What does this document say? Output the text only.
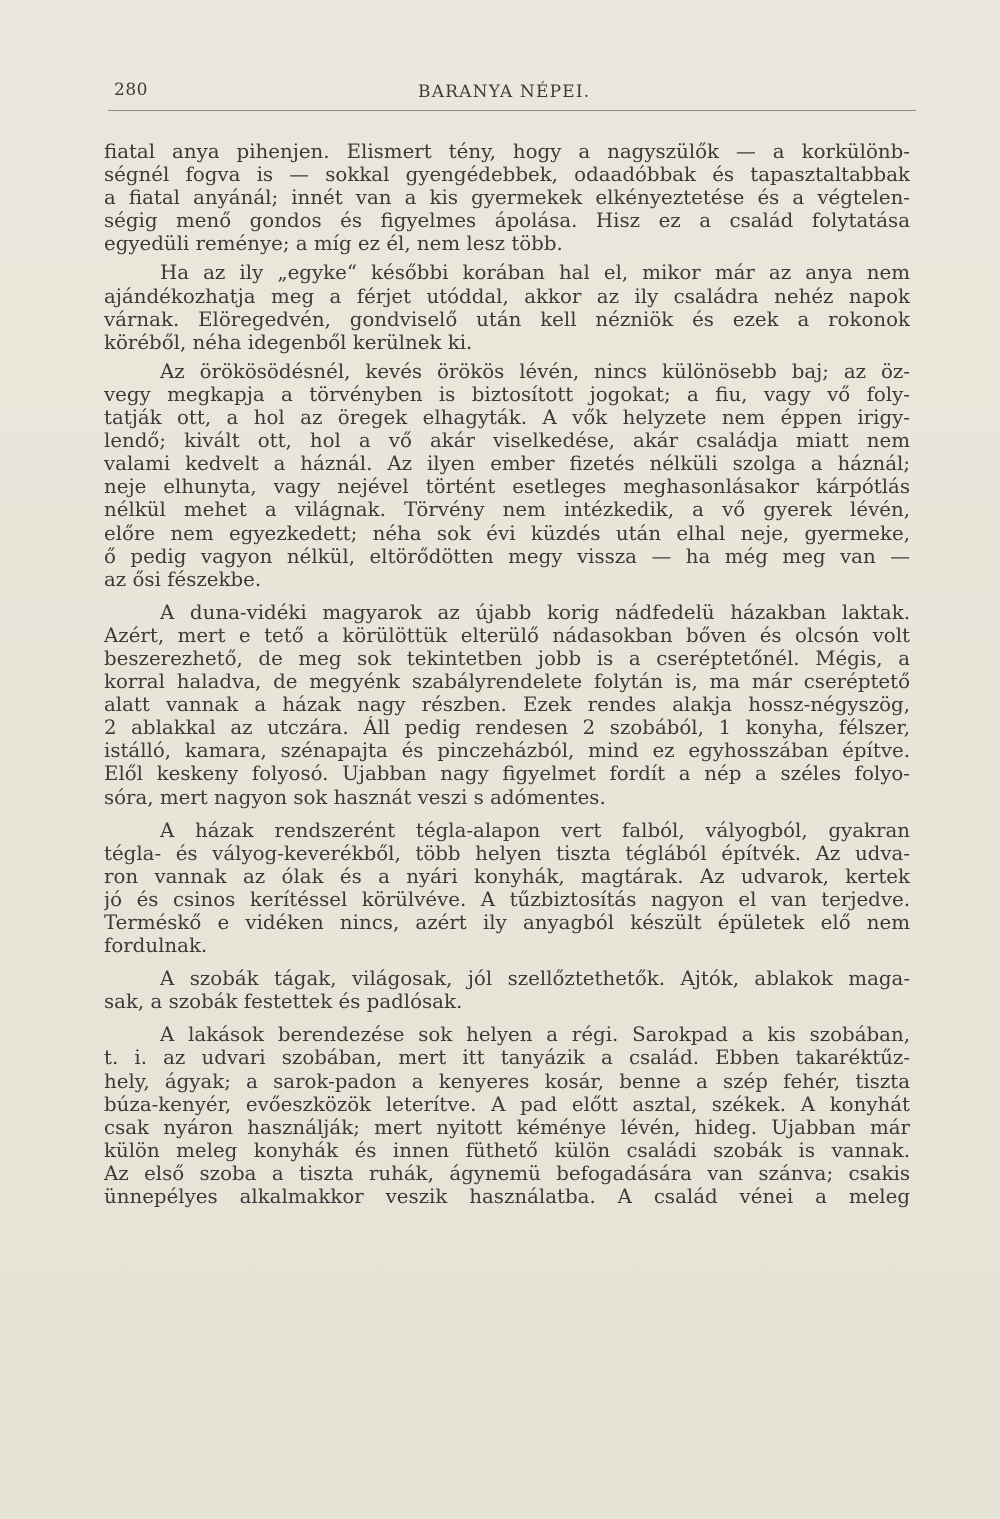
280	BARANYA NÉPEI.
fiatal anya pihenjen. Elismert tény, hogy a nagyszülők — a korkülönb-
ségnél fogva is — sokkal gyengédebbek, odaadóbbak és tapasztaltabbak
a fiatal anyánál; innét van a kis gyermekek elkényeztetése és a végtelen-
ségig menő gondos és figyelmes ápolása. Hisz ez a család folytatása
egyedüli reménye; a míg ez él, nem lesz több.
Ha az ily „egyke“ későbbi korában hal el, mikor már az anya nem
ajándékozhatja meg a férjet utóddal, akkor az ily családra nehéz napok
várnak. Elöregedvén, gondviselő után kell nézniök és ezek a rokonok
köréből, néha idegenből kerülnek ki.
Az örökösödésnél, kevés örökös lévén, nincs különösebb baj; az öz-
vegy megkapja a törvényben is biztosított jogokat; a fiu, vagy vő foly-
tatják ott, a hol az öregek elhagyták. A vők helyzete nem éppen irigy-
lendő; kivált ott, hol a vő akár viselkedése, akár családja miatt nem
valami kedvelt a háznál. Az ilyen ember fizetés nélküli szolga a háznál;
neje elhunyta, vagy nejével történt esetleges meghasonlásakor kárpótlás
nélkül mehet a világnak. Törvény nem intézkedik, a vő gyerek lévén,
előre nem egyezkedett; néha sok évi küzdés után elhal neje, gyermeke,
ő pedig vagyon nélkül, eltörődötten megy vissza — ha még meg van —
az ősi fészekbe.
A duna-vidéki magyarok az újabb korig nádfedelü házakban laktak.
Azért, mert e tető a körülöttük elterülő nádasokban bőven és olcsón volt
beszerezhető, de meg sok tekintetben jobb is a cseréptetőnél. Mégis, a
korral haladva, de megyénk szabályrendelete folytán is, ma már cseréptető
alatt vannak a házak nagy részben. Ezek rendes alakja hossz-négyszög,
2 ablakkal az utczára. Áll pedig rendesen 2 szobából, 1 konyha, félszer,
istálló, kamara, szénapajta és pinczeházból, mind ez egyhosszában építve.
Elől keskeny folyosó. Ujabban nagy figyelmet fordít a nép a széles folyo-
sóra, mert nagyon sok hasznát veszi s adómentes.
A házak rendszerént tégla-alapon vert falból, vályogból, gyakran
tégla- és vályog-keverékből, több helyen tiszta téglából építvék. Az udva-
ron vannak az ólak és a nyári konyhák, magtárak. Az udvarok, kertek
jó és csinos kerítéssel körülvéve. A tűzbiztosítás nagyon el van terjedve.
Terméskő e vidéken nincs, azért ily anyagból készült épületek elő nem
fordulnak.
A szobák tágak, világosak, jól szellőztethetők. Ajtók, ablakok maga-
sak, a szobák festettek és padlósak.
A lakások berendezése sok helyen a régi. Sarokpad a kis szobában,
t. i. az udvari szobában, mert itt tanyázik a család. Ebben takaréktűz-
hely, ágyak; a sarok-padon a kenyeres kosár, benne a szép fehér, tiszta
búza-kenyér, evőeszközök leterítve. A pad előtt asztal, székek. A konyhát
csak nyáron használják; mert nyitott kéménye lévén, hideg. Ujabban már
külön meleg konyhák és innen füthető külön családi szobák is vannak.
Az első szoba a tiszta ruhák, ágynemü befogadására van szánva; csakis
ünnepélyes alkalmakkor veszik használatba. A család vénei a meleg
